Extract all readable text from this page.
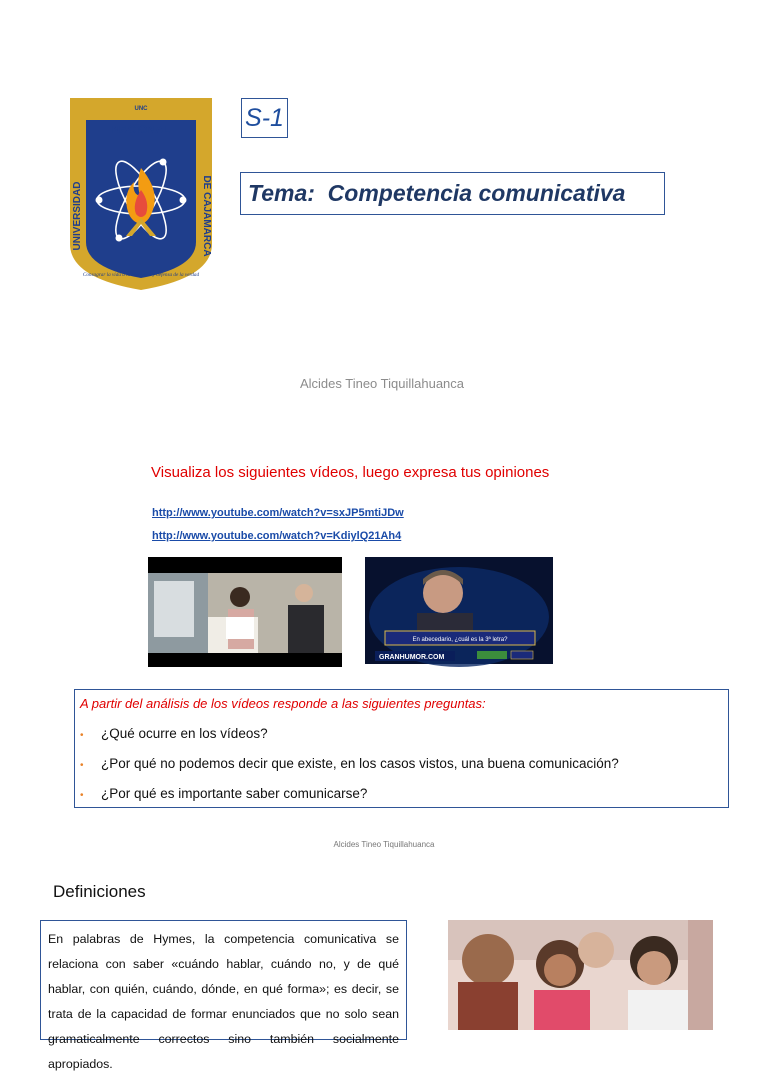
UNC
NACIONAL
UNIVERSIDAD	DE CAJAMARCA
Consagrar la vida a la búsqueda y defensa de la verdad
S-1
Tema:  Competencia comunicativa
Alcides Tineo Tiquillahuanca
Visualiza los siguientes vídeos, luego expresa tus opiniones
http://www.youtube.com/watch?v=sxJP5mtiJDw
http://www.youtube.com/watch?v=KdiylQ21Ah4
En abecedario, ¿cuál es la 3ª letra?
GRANHUMOR.COM
A partir del análisis de los vídeos responde a las siguientes preguntas:
•	¿Qué ocurre en los vídeos?
•	¿Por qué no podemos decir que existe, en los casos vistos, una buena comunicación?
•	¿Por qué es importante saber comunicarse?
Alcides Tineo Tiquillahuanca
Definiciones
En palabras de Hymes, la competencia comunicativa se relaciona con saber «cuándo hablar, cuándo no, y de qué hablar, con quién, cuándo, dónde, en qué forma»; es decir, se trata de la capacidad de formar enunciados que no solo sean gramaticalmente correctos sino también socialmente apropiados.
